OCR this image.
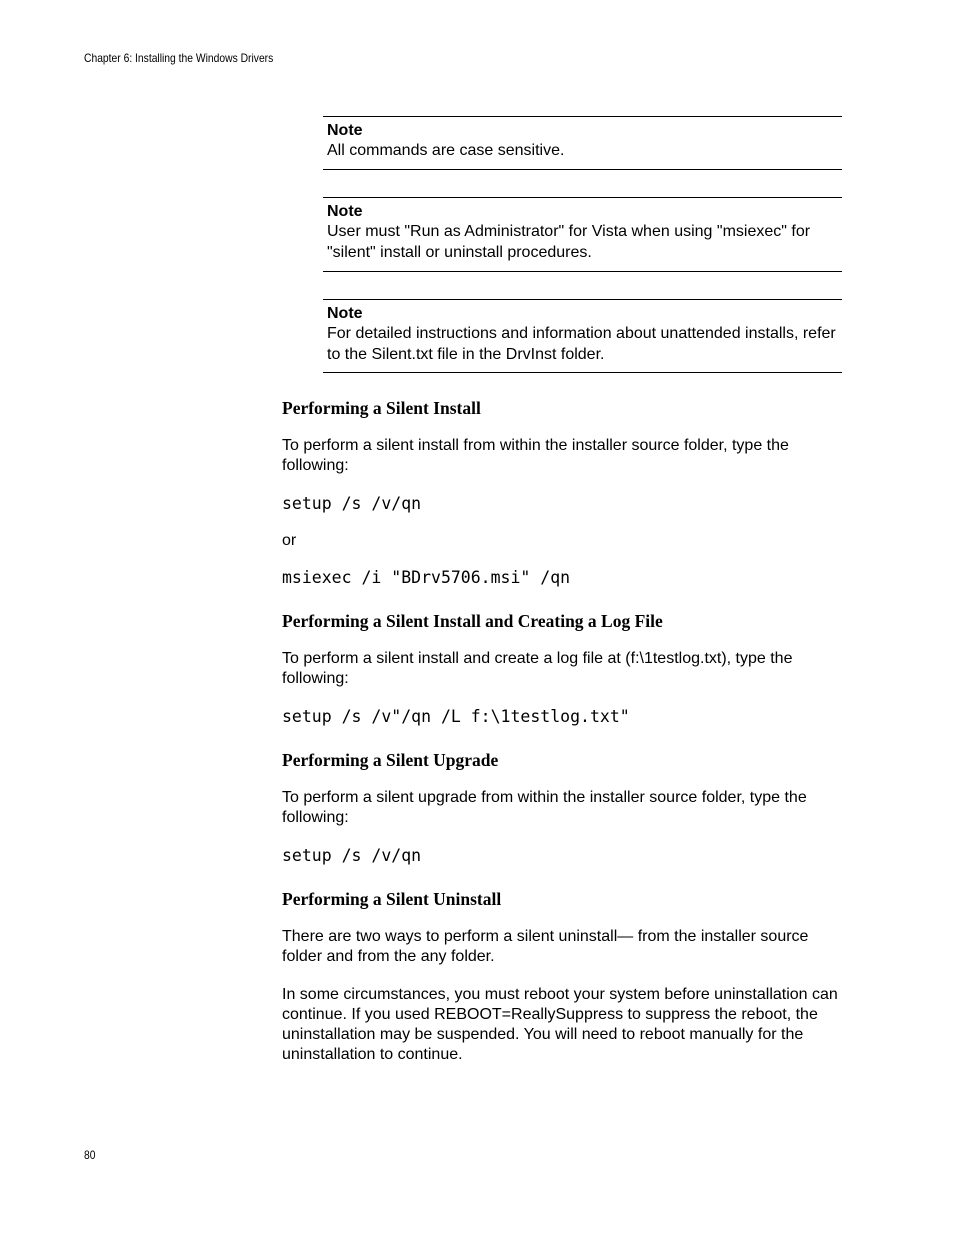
Chapter 6: Installing the Windows Drivers
Note
All commands are case sensitive.
Note
User must "Run as Administrator" for Vista when using "msiexec" for "silent" install or uninstall procedures.
Note
For detailed instructions and information about unattended installs, refer to the Silent.txt file in the DrvInst folder.
Performing a Silent Install
To perform a silent install from within the installer source folder, type the following:
setup /s /v/qn
or
msiexec /i "BDrv5706.msi" /qn
Performing a Silent Install and Creating a Log File
To perform a silent install and create a log file at (f:\1testlog.txt), type the following:
setup /s /v"/qn /L f:\1testlog.txt"
Performing a Silent Upgrade
To perform a silent upgrade from within the installer source folder, type the following:
setup /s /v/qn
Performing a Silent Uninstall
There are two ways to perform a silent uninstall— from the installer source folder and from the any folder.
In some circumstances, you must reboot your system before uninstallation can continue. If you used REBOOT=ReallySuppress to suppress the reboot, the uninstallation may be suspended. You will need to reboot manually for the uninstallation to continue.
80
